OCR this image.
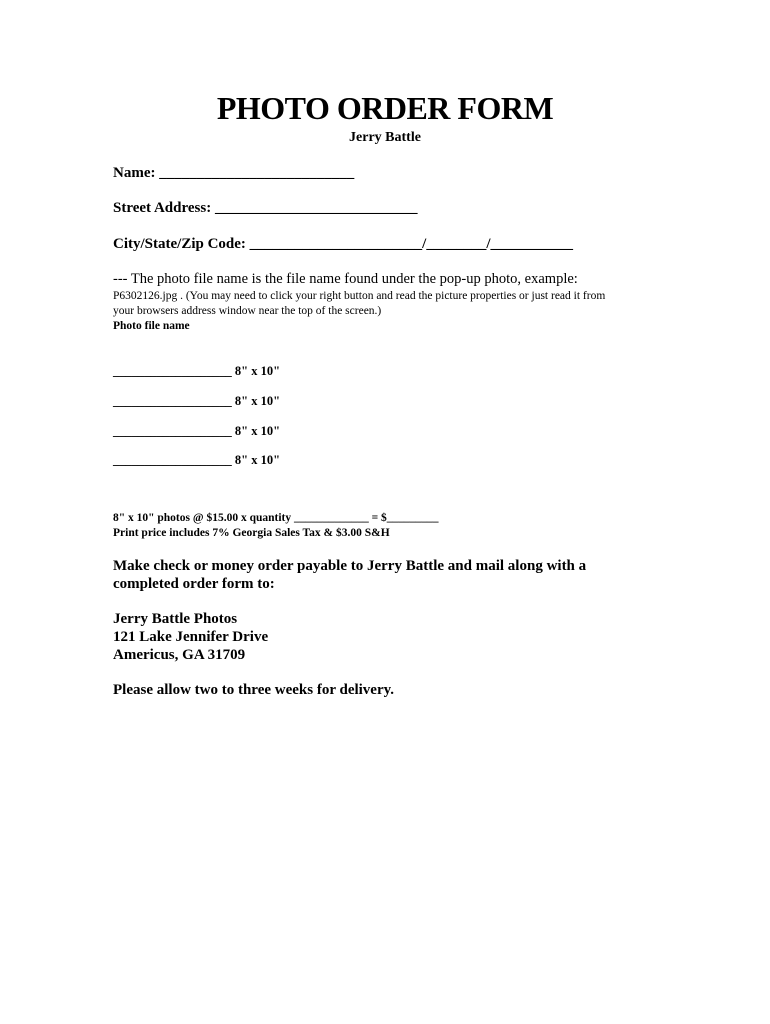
PHOTO ORDER FORM
Jerry Battle
Name: __________________________
Street Address: ___________________________
City/State/Zip Code: _______________________/________/___________
--- The photo file name is the file name found under the pop-up photo, example:
P6302126.jpg . (You may need to click your right button and read the picture properties or just read it from
your browsers address window near the top of the screen.)
Photo file name
___________________ 8" x 10"
___________________ 8" x 10"
___________________ 8" x 10"
___________________ 8" x 10"
8" x 10" photos @ $15.00 x quantity _____________ = $_________
Print price includes 7% Georgia Sales Tax & $3.00 S&H
Make check or money order payable to Jerry Battle and mail along with a
completed order form to:
Jerry Battle Photos
121 Lake Jennifer Drive
Americus, GA 31709
Please allow two to three weeks for delivery.
